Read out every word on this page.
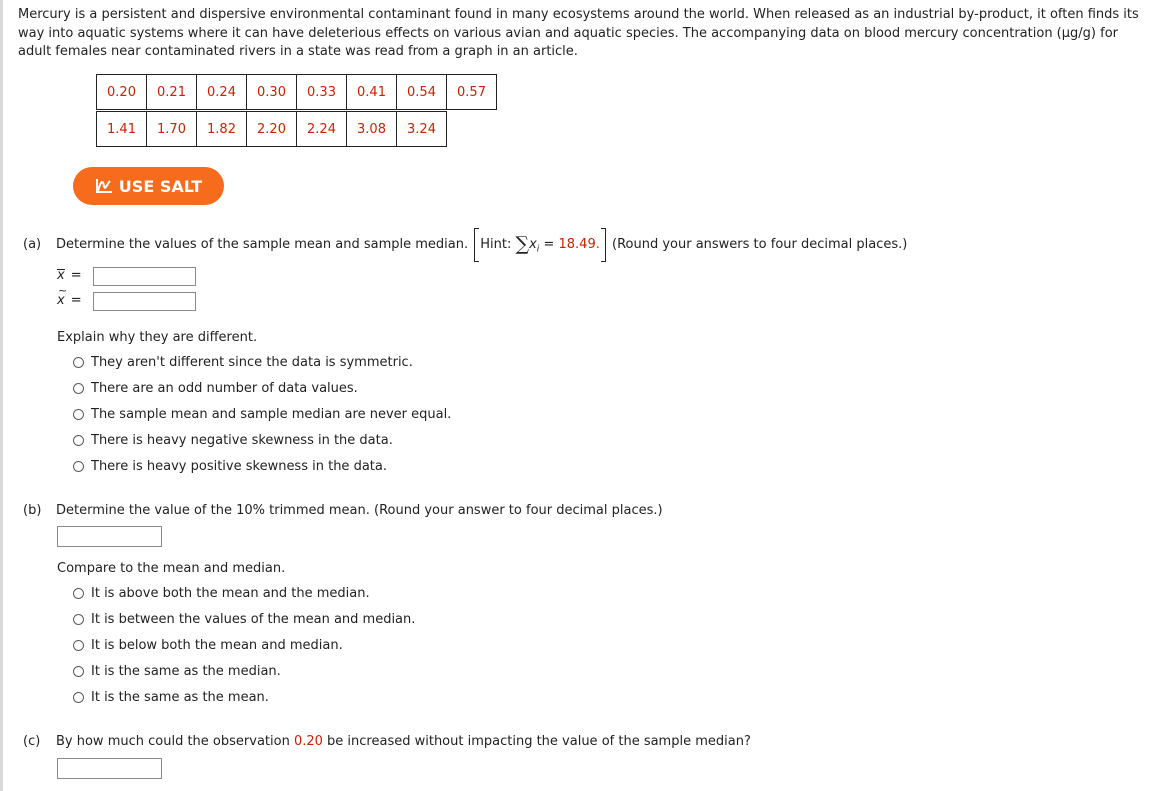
Mercury is a persistent and dispersive environmental contaminant found in many ecosystems around the world. When released as an industrial by-product, it often finds its way into aquatic systems where it can have deleterious effects on various avian and aquatic species. The accompanying data on blood mercury concentration (µg/g) for adult females near contaminated rivers in a state was read from a graph in an article.
0.20	0.21	0.24	0.30	0.33	0.41	0.54	0.57
1.41	1.70	1.82	2.20	2.24	3.08	3.24
USE SALT
(a) Determine the values of the sample mean and sample median. Hint: $\sum x_i = 18.49$. (Round your answers to four decimal places.)
x =
~ x =
Explain why they are different.
They aren't different since the data is symmetric.
There are an odd number of data values.
The sample mean and sample median are never equal.
There is heavy negative skewness in the data.
There is heavy positive skewness in the data.
(b) Determine the value of the 10% trimmed mean. (Round your answer to four decimal places.)
Compare to the mean and median.
It is above both the mean and the median.
It is between the values of the mean and median.
It is below both the mean and median.
It is the same as the median.
It is the same as the mean.
(c) By how much could the observation 0.20 be increased without impacting the value of the sample median?
